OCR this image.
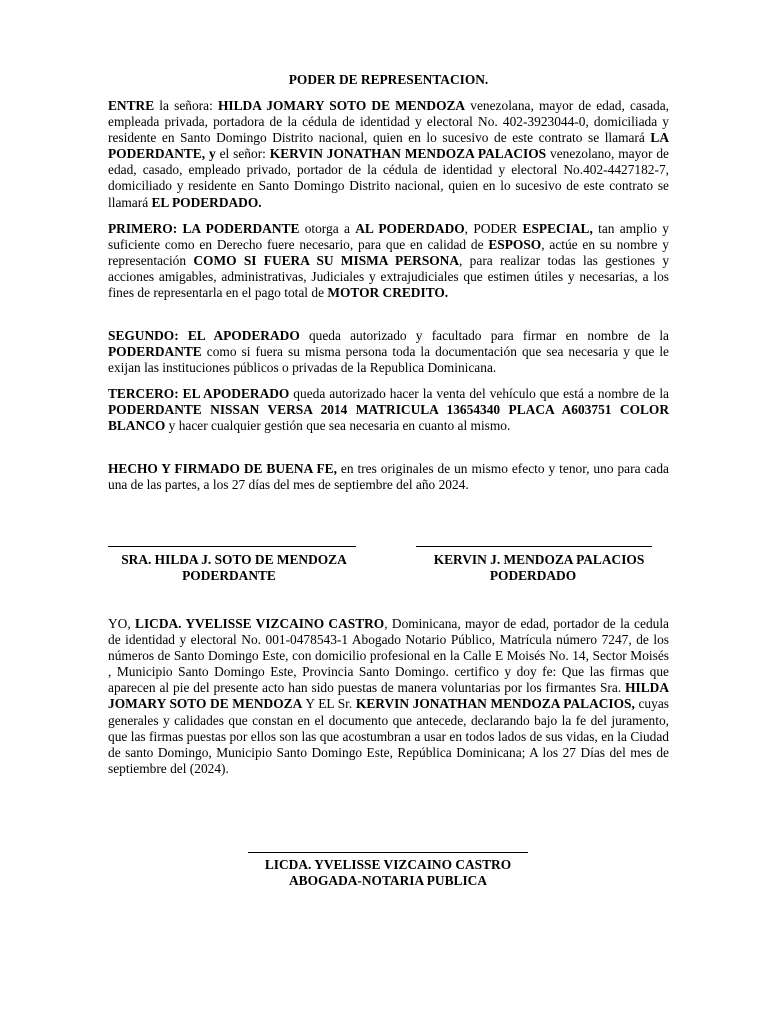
PODER DE REPRESENTACION.
ENTRE la señora: HILDA JOMARY SOTO DE MENDOZA venezolana, mayor de edad, casada, empleada privada, portadora de la cédula de identidad y electoral No. 402-3923044-0, domiciliada y residente en Santo Domingo Distrito nacional, quien en lo sucesivo de este contrato se llamará LA PODERDANTE, y el señor: KERVIN JONATHAN MENDOZA PALACIOS venezolano, mayor de edad, casado, empleado privado, portador de la cédula de identidad y electoral No.402-4427182-7, domiciliado y residente en Santo Domingo Distrito nacional, quien en lo sucesivo de este contrato se llamará EL PODERDADO.
PRIMERO: LA PODERDANTE otorga a AL PODERDADO, PODER ESPECIAL, tan amplio y suficiente como en Derecho fuere necesario, para que en calidad de ESPOSO, actúe en su nombre y representación COMO SI FUERA SU MISMA PERSONA, para realizar todas las gestiones y acciones amigables, administrativas, Judiciales y extrajudiciales que estimen útiles y necesarias, a los fines de representarla en el pago total de MOTOR CREDITO.
SEGUNDO: EL APODERADO queda autorizado y facultado para firmar en nombre de la PODERDANTE como si fuera su misma persona toda la documentación que sea necesaria y que le exijan las instituciones públicos o privadas de la Republica Dominicana.
TERCERO: EL APODERADO queda autorizado hacer la venta del vehículo que está a nombre de la PODERDANTE NISSAN VERSA 2014 MATRICULA 13654340 PLACA A603751 COLOR BLANCO y hacer cualquier gestión que sea necesaria en cuanto al mismo.
HECHO Y FIRMADO DE BUENA FE, en tres originales de un mismo efecto y tenor, uno para cada una de las partes, a los 27 días del mes de septiembre del año 2024.
SRA. HILDA J. SOTO DE MENDOZA
PODERDANTE
KERVIN J. MENDOZA PALACIOS
PODERDADO
YO, LICDA. YVELISSE VIZCAINO CASTRO, Dominicana, mayor de edad, portador de la cedula de identidad y electoral No. 001-0478543-1 Abogado Notario Público, Matrícula número 7247, de los números de Santo Domingo Este, con domicilio profesional en la Calle E Moisés No. 14, Sector Moisés , Municipio Santo Domingo Este, Provincia Santo Domingo. certifico y doy fe: Que las firmas que aparecen al pie del presente acto han sido puestas de manera voluntarias por los firmantes Sra. HILDA JOMARY SOTO DE MENDOZA Y EL Sr. KERVIN JONATHAN MENDOZA PALACIOS, cuyas generales y calidades que constan en el documento que antecede, declarando bajo la fe del juramento, que las firmas puestas por ellos son las que acostumbran a usar en todos lados de sus vidas, en la Ciudad de santo Domingo, Municipio Santo Domingo Este, República Dominicana; A los 27 Días del mes de septiembre del (2024).
LICDA. YVELISSE VIZCAINO CASTRO
ABOGADA-NOTARIA PUBLICA
